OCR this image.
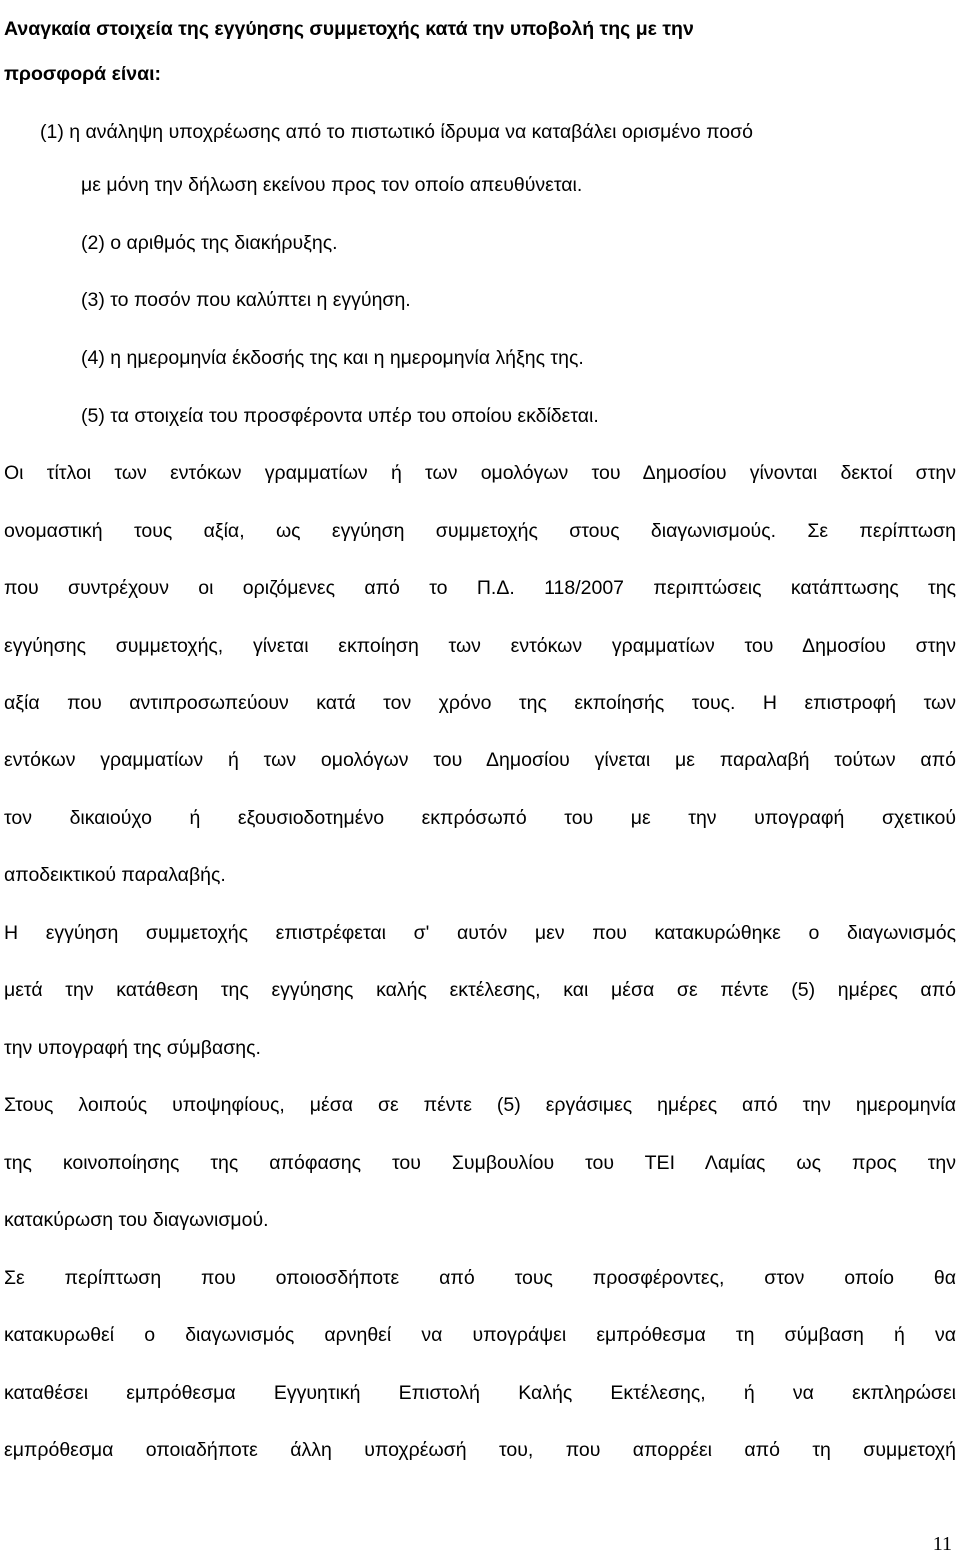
Αναγκαία στοιχεία της εγγύησης συμμετοχής κατά την υποβολή της με την
προσφορά είναι:
(1) η ανάληψη υποχρέωσης από το πιστωτικό ίδρυμα να καταβάλει ορισμένο ποσό
με μόνη την δήλωση εκείνου προς τον οποίο απευθύνεται.
(2) ο αριθμός της διακήρυξης.
(3) το ποσόν που καλύπτει η εγγύηση.
(4) η ημερομηνία έκδοσής της και η ημερομηνία λήξης της.
(5) τα στοιχεία του προσφέροντα υπέρ του οποίου εκδίδεται.
Οι τίτλοι των εντόκων γραμματίων ή των ομολόγων του Δημοσίου γίνονται δεκτοί στην
ονομαστική τους αξία, ως εγγύηση συμμετοχής στους διαγωνισμούς. Σε περίπτωση
που συντρέχουν οι οριζόμενες από το Π.Δ. 118/2007 περιπτώσεις κατάπτωσης της
εγγύησης συμμετοχής, γίνεται εκποίηση των εντόκων γραμματίων του Δημοσίου στην
αξία που αντιπροσωπεύουν κατά τον χρόνο της εκποίησής τους. Η επιστροφή των
εντόκων γραμματίων ή των ομολόγων του Δημοσίου γίνεται με παραλαβή τούτων από
τον δικαιούχο ή εξουσιοδοτημένο εκπρόσωπό του με την υπογραφή σχετικού
αποδεικτικού παραλαβής.
Η εγγύηση συμμετοχής επιστρέφεται σ' αυτόν μεν που κατακυρώθηκε ο διαγωνισμός
μετά την κατάθεση της εγγύησης καλής εκτέλεσης, και μέσα σε πέντε (5) ημέρες από
την υπογραφή της σύμβασης.
Στους λοιπούς υποψηφίους, μέσα σε πέντε (5) εργάσιμες ημέρες από την ημερομηνία
της κοινοποίησης της απόφασης του Συμβουλίου του ΤΕΙ Λαμίας ως προς την
κατακύρωση του διαγωνισμού.
Σε περίπτωση που οποιοσδήποτε από τους προσφέροντες, στον οποίο θα
κατακυρωθεί ο διαγωνισμός αρνηθεί να υπογράψει εμπρόθεσμα τη σύμβαση ή να
καταθέσει εμπρόθεσμα Εγγυητική Επιστολή Καλής Εκτέλεσης, ή να εκπληρώσει
εμπρόθεσμα οποιαδήποτε άλλη υποχρέωσή του, που απορρέει από τη συμμετοχή
11
